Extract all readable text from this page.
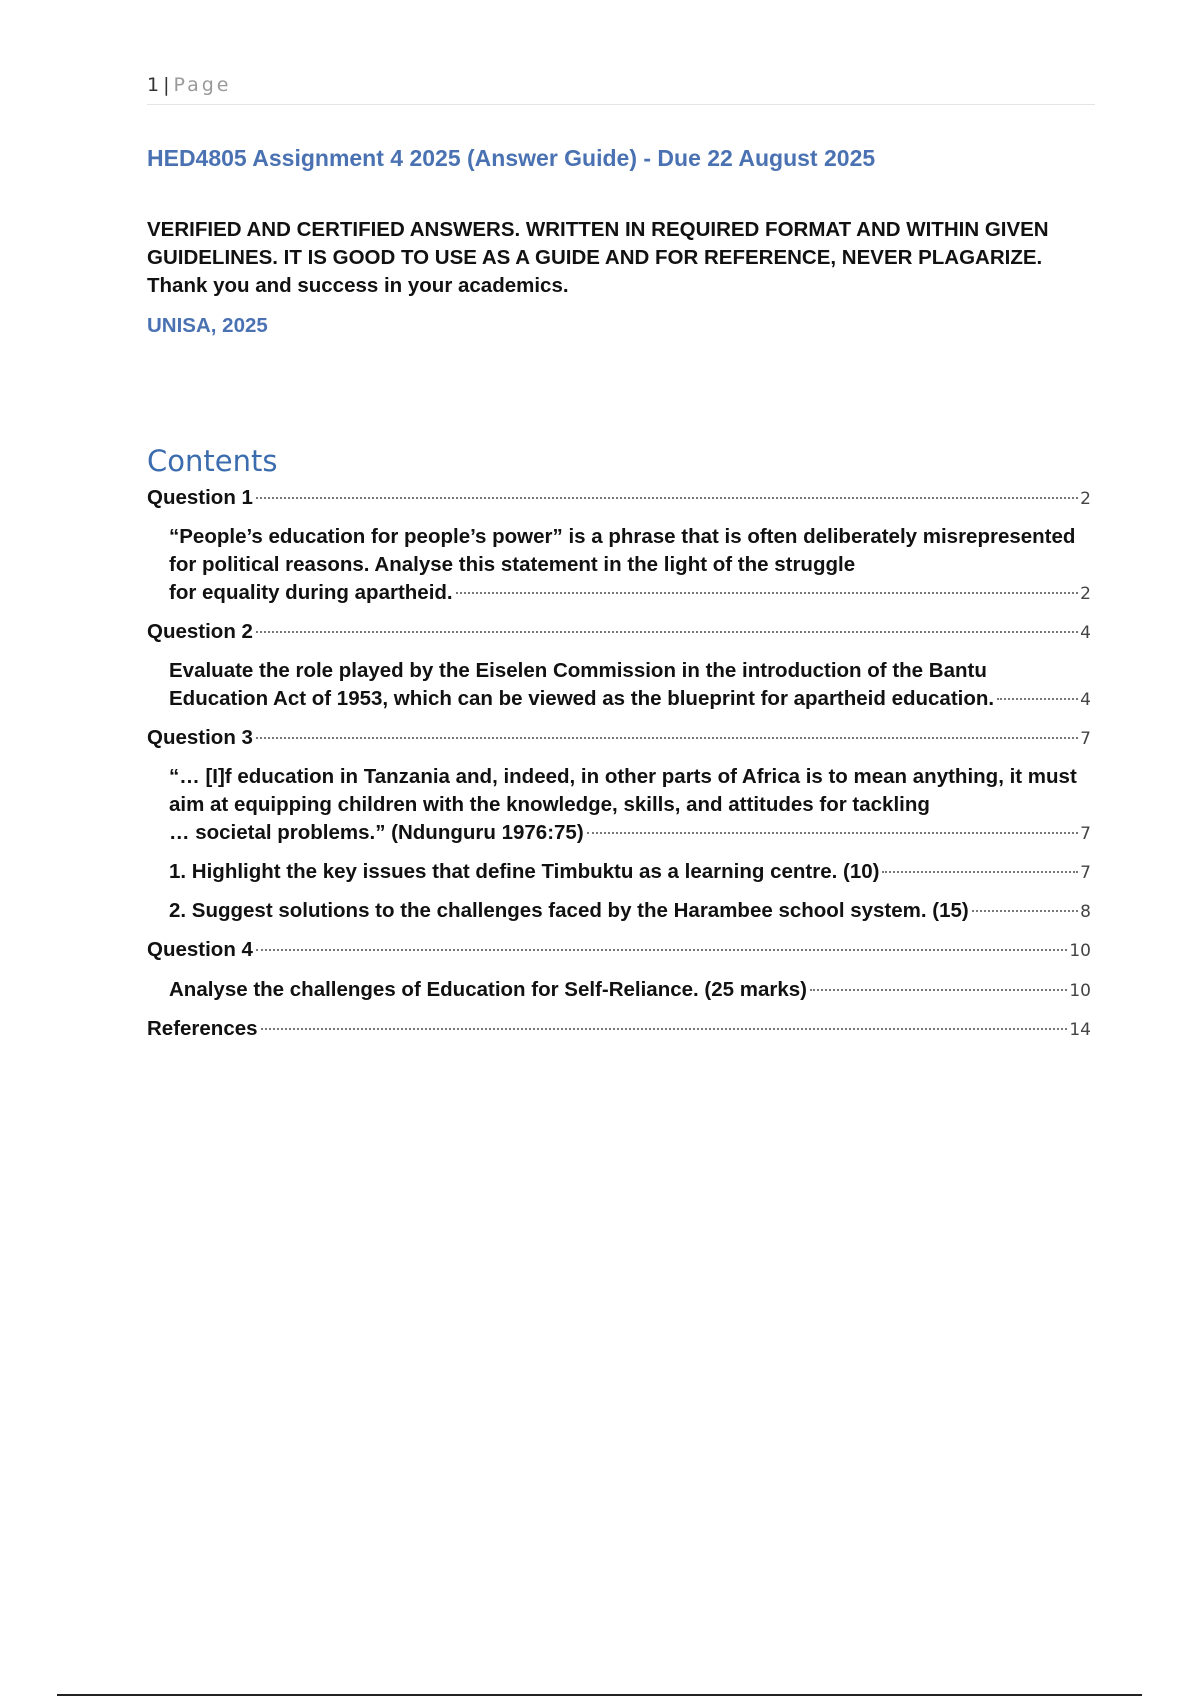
1 | Page
HED4805 Assignment 4 2025 (Answer Guide) - Due 22 August 2025
VERIFIED AND CERTIFIED ANSWERS. WRITTEN IN REQUIRED FORMAT AND WITHIN GIVEN GUIDELINES. IT IS GOOD TO USE AS A GUIDE AND FOR REFERENCE, NEVER PLAGARIZE. Thank you and success in your academics.
UNISA, 2025
Contents
Question 1	2
“People’s education for people’s power” is a phrase that is often deliberately misrepresented for political reasons. Analyse this statement in the light of the struggle
for equality during apartheid.	2
Question 2	4
Evaluate the role played by the Eiselen Commission in the introduction of the Bantu
Education Act of 1953, which can be viewed as the blueprint for apartheid education.	4
Question 3	7
“… [I]f education in Tanzania and, indeed, in other parts of Africa is to mean anything, it must aim at equipping children with the knowledge, skills, and attitudes for tackling
… societal problems.” (Ndunguru 1976:75)	7
1. Highlight the key issues that define Timbuktu as a learning centre. (10)	7
2. Suggest solutions to the challenges faced by the Harambee school system. (15)	8
Question 4	10
Analyse the challenges of Education for Self-Reliance. (25 marks)	10
References	14
